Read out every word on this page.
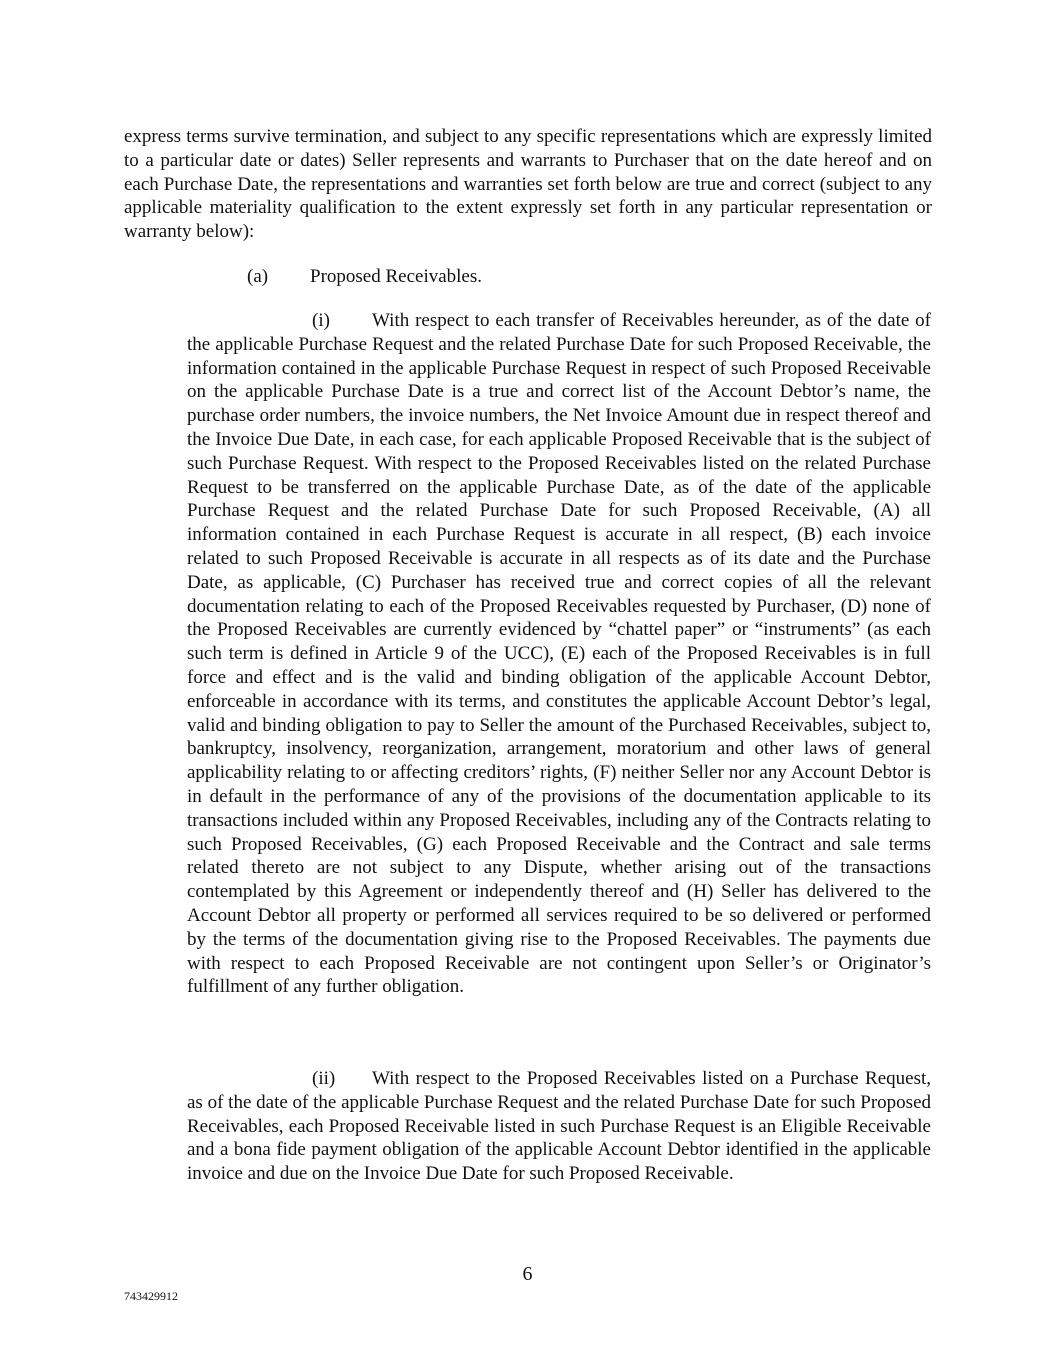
express terms survive termination, and subject to any specific representations which are expressly limited to a particular date or dates) Seller represents and warrants to Purchaser that on the date hereof and on each Purchase Date, the representations and warranties set forth below are true and correct (subject to any applicable materiality qualification to the extent expressly set forth in any particular representation or warranty below):

(a) Proposed Receivables.

(i) With respect to each transfer of Receivables hereunder, as of the date of the applicable Purchase Request and the related Purchase Date for such Proposed Receivable, the information contained in the applicable Purchase Request in respect of such Proposed Receivable on the applicable Purchase Date is a true and correct list of the Account Debtor’s name, the purchase order numbers, the invoice numbers, the Net Invoice Amount due in respect thereof and the Invoice Due Date, in each case, for each applicable Proposed Receivable that is the subject of such Purchase Request. With respect to the Proposed Receivables listed on the related Purchase Request to be transferred on the applicable Purchase Date, as of the date of the applicable Purchase Request and the related Purchase Date for such Proposed Receivable, (A) all information contained in each Purchase Request is accurate in all respect, (B) each invoice related to such Proposed Receivable is accurate in all respects as of its date and the Purchase Date, as applicable, (C) Purchaser has received true and correct copies of all the relevant documentation relating to each of the Proposed Receivables requested by Purchaser, (D) none of the Proposed Receivables are currently evidenced by “chattel paper” or “instruments” (as each such term is defined in Article 9 of the UCC), (E) each of the Proposed Receivables is in full force and effect and is the valid and binding obligation of the applicable Account Debtor, enforceable in accordance with its terms, and constitutes the applicable Account Debtor’s legal, valid and binding obligation to pay to Seller the amount of the Purchased Receivables, subject to, bankruptcy, insolvency, reorganization, arrangement, moratorium and other laws of general applicability relating to or affecting creditors’ rights, (F) neither Seller nor any Account Debtor is in default in the performance of any of the provisions of the documentation applicable to its transactions included within any Proposed Receivables, including any of the Contracts relating to such Proposed Receivables, (G) each Proposed Receivable and the Contract and sale terms related thereto are not subject to any Dispute, whether arising out of the transactions contemplated by this Agreement or independently thereof and (H) Seller has delivered to the Account Debtor all property or performed all services required to be so delivered or performed by the terms of the documentation giving rise to the Proposed Receivables. The payments due with respect to each Proposed Receivable are not contingent upon Seller’s or Originator’s fulfillment of any further obligation.

(ii) With respect to the Proposed Receivables listed on a Purchase Request, as of the date of the applicable Purchase Request and the related Purchase Date for such Proposed Receivables, each Proposed Receivable listed in such Purchase Request is an Eligible Receivable and a bona fide payment obligation of the applicable Account Debtor identified in the applicable invoice and due on the Invoice Due Date for such Proposed Receivable.

6
743429912
